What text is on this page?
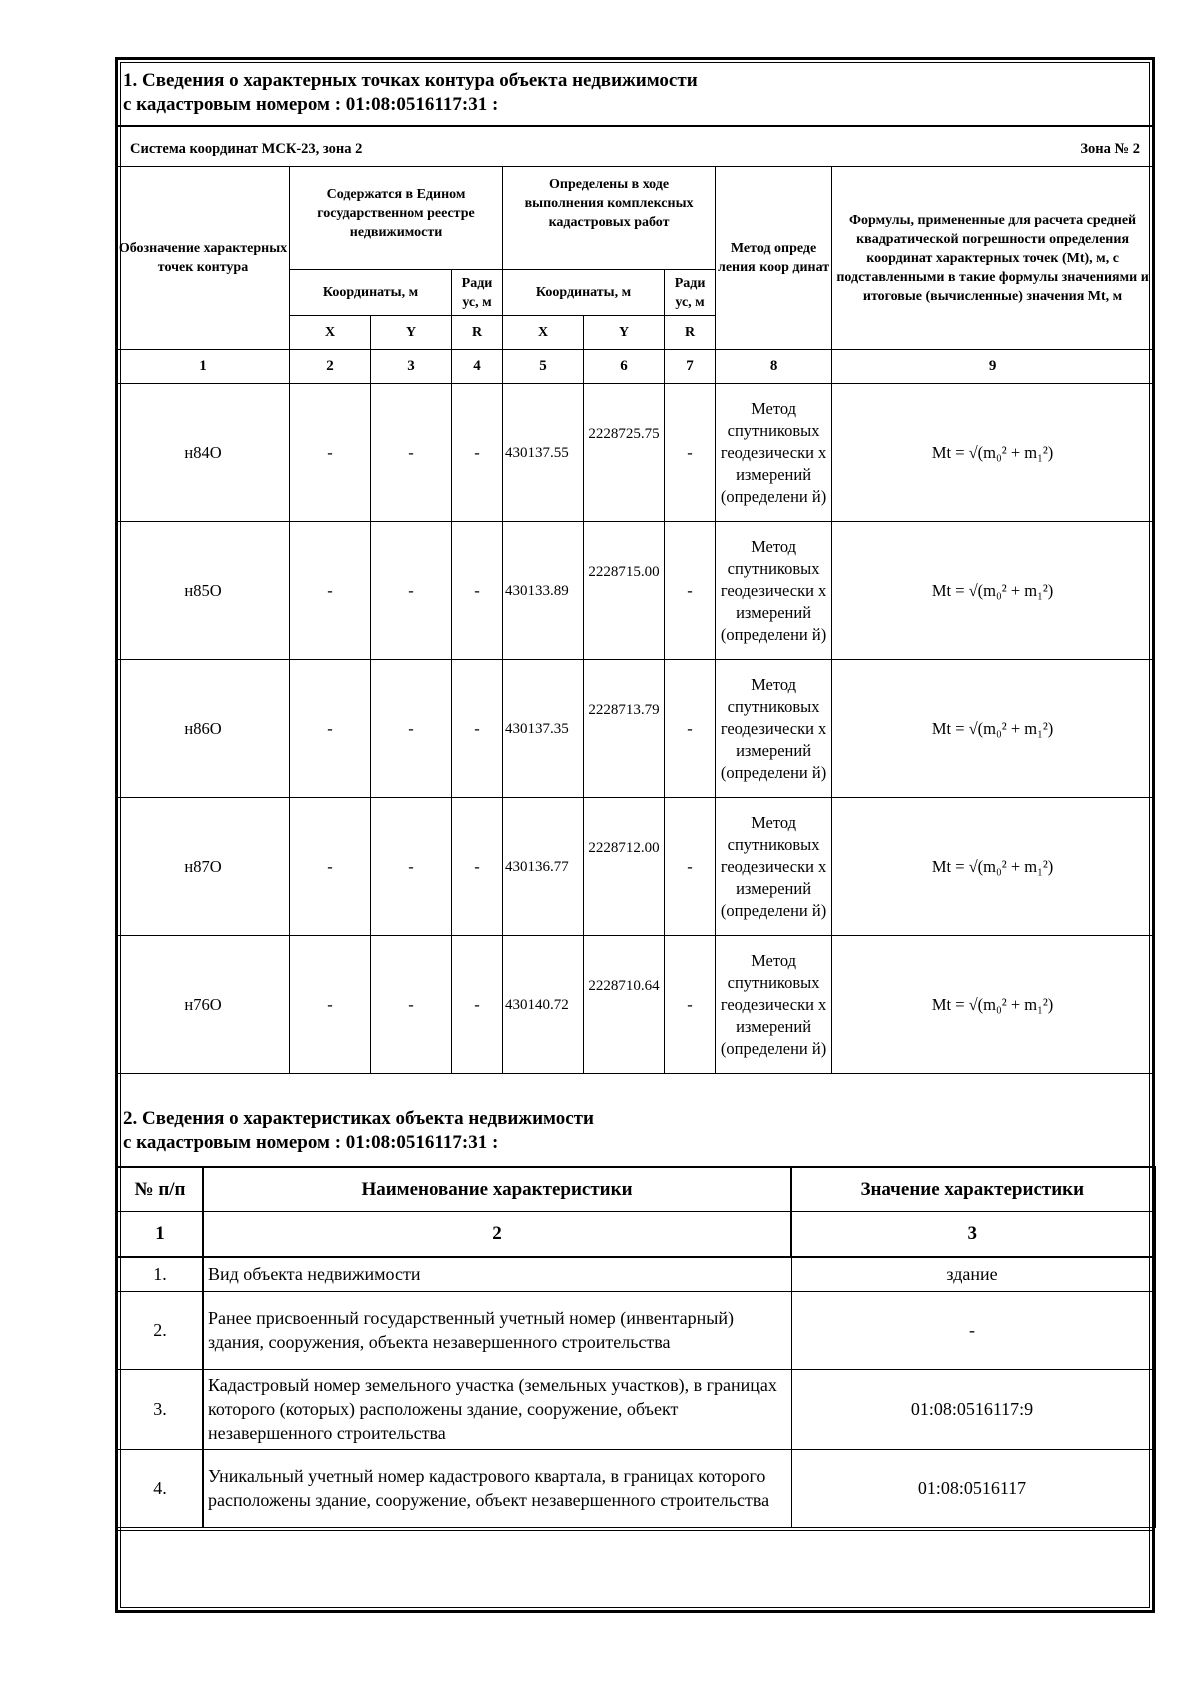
1. Сведения о характерных точках контура объекта недвижимости
с кадастровым номером : 01:08:0516117:31 :
Система координат МСК-23, зона 2	Зона № 2
Обозначение характерных точек контура	Содержатся в Едином государственном реестре недвижимости			Определены в ходе выполнения комплексных кадастровых работ			Метод опреде ления коор динат	Формулы, примененные для расчета средней квадратической погрешности определения координат характерных точек (Mt), м, с подставленными в такие формулы значениями и итоговые (вычисленные) значения Mt, м
	Координаты, м		Ради ус, м	Координаты, м		Ради ус, м		
	X	Y	R	X	Y	R		
1	2	3	4	5	6	7	8	9
н84О	-	-	-	430137.55	2228725.75	-	Метод спутниковых геодезически х измерений (определени й)	Mt = √(m₀² + m₁²)
н85О	-	-	-	430133.89	2228715.00	-	Метод спутниковых геодезически х измерений (определени й)	Mt = √(m₀² + m₁²)
н86О	-	-	-	430137.35	2228713.79	-	Метод спутниковых геодезически х измерений (определени й)	Mt = √(m₀² + m₁²)
н87О	-	-	-	430136.77	2228712.00	-	Метод спутниковых геодезически х измерений (определени й)	Mt = √(m₀² + m₁²)
н76О	-	-	-	430140.72	2228710.64	-	Метод спутниковых геодезически х измерений (определени й)	Mt = √(m₀² + m₁²)
2. Сведения о характеристиках объекта недвижимости
с кадастровым номером : 01:08:0516117:31 :
№ п/п	Наименование характеристики	Значение характеристики
1	2	3
1.	Вид объекта недвижимости	здание
2.	Ранее присвоенный государственный учетный номер (инвентарный) здания, сооружения, объекта незавершенного строительства	-
3.	Кадастровый номер земельного участка (земельных участков), в границах которого (которых) расположены здание, сооружение, объект незавершенного строительства	01:08:0516117:9
4.	Уникальный учетный номер кадастрового квартала, в границах которого расположены здание, сооружение, объект незавершенного строительства	01:08:0516117
